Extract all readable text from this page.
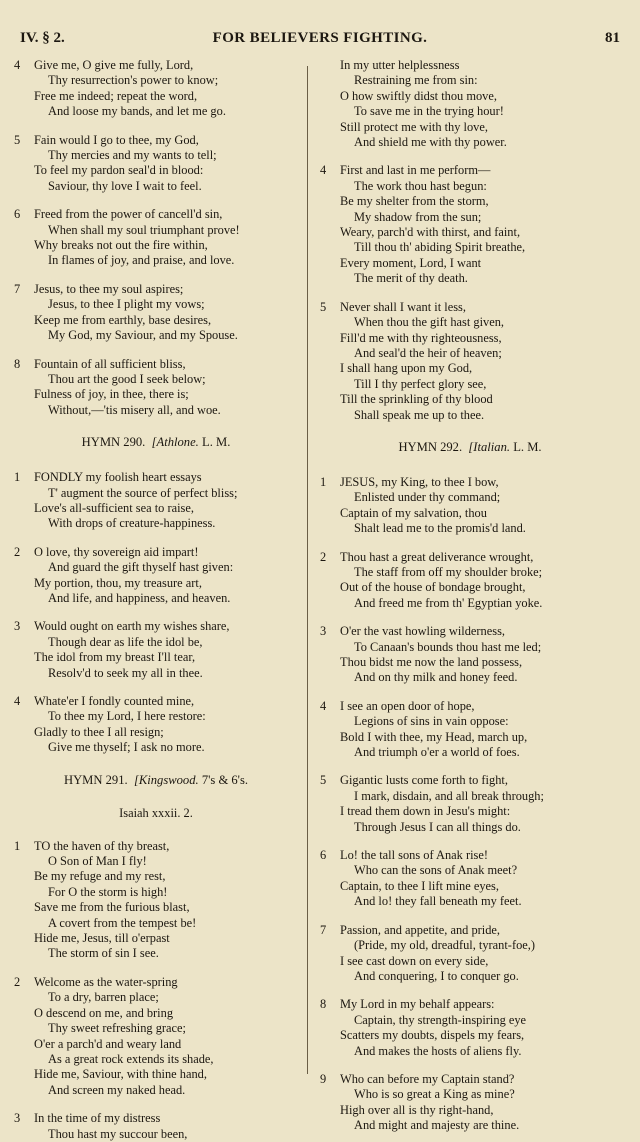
IV. § 2.	FOR BELIEVERS FIGHTING.	81
4	Give me, O give me fully, Lord,
Thy resurrection's power to know;
Free me indeed; repeat the word,
And loose my bands, and let me go.
5	Fain would I go to thee, my God,
Thy mercies and my wants to tell;
To feel my pardon seal'd in blood:
Saviour, thy love I wait to feel.
6	Freed from the power of cancell'd sin,
When shall my soul triumphant prove!
Why breaks not out the fire within,
In flames of joy, and praise, and love.
7	Jesus, to thee my soul aspires;
Jesus, to thee I plight my vows;
Keep me from earthly, base desires,
My God, my Saviour, and my Spouse.
8	Fountain of all sufficient bliss,
Thou art the good I seek below;
Fulness of joy, in thee, there is;
Without,—'tis misery all, and woe.
HYMN 290. [Athlone. L. M.
1	FONDLY my foolish heart essays
T' augment the source of perfect bliss;
Love's all-sufficient sea to raise,
With drops of creature-happiness.
2	O love, thy sovereign aid impart!
And guard the gift thyself hast given:
My portion, thou, my treasure art,
And life, and happiness, and heaven.
3	Would ought on earth my wishes share,
Though dear as life the idol be,
The idol from my breast I'll tear,
Resolv'd to seek my all in thee.
4	Whate'er I fondly counted mine,
To thee my Lord, I here restore:
Gladly to thee I all resign;
Give me thyself; I ask no more.
HYMN 291. [Kingswood. 7's & 6's.
Isaiah xxxii. 2.
1	TO the haven of thy breast,
O Son of Man I fly!
Be my refuge and my rest,
For O the storm is high!
Save me from the furious blast,
A covert from the tempest be!
Hide me, Jesus, till o'erpast
The storm of sin I see.
2	Welcome as the water-spring
To a dry, barren place;
O descend on me, and bring
Thy sweet refreshing grace;
O'er a parch'd and weary land
As a great rock extends its shade,
Hide me, Saviour, with thine hand,
And screen my naked head.
3	In the time of my distress
Thou hast my succour been,
In my utter helplessness
Restraining me from sin:
O how swiftly didst thou move,
To save me in the trying hour!
Still protect me with thy love,
And shield me with thy power.
4	First and last in me perform—
The work thou hast begun:
Be my shelter from the storm,
My shadow from the sun;
Weary, parch'd with thirst, and faint,
Till thou th' abiding Spirit breathe,
Every moment, Lord, I want
The merit of thy death.
5	Never shall I want it less,
When thou the gift hast given,
Fill'd me with thy righteousness,
And seal'd the heir of heaven;
I shall hang upon my God,
Till I thy perfect glory see,
Till the sprinkling of thy blood
Shall speak me up to thee.
HYMN 292. [Italian. L. M.
1	JESUS, my King, to thee I bow,
Enlisted under thy command;
Captain of my salvation, thou
Shalt lead me to the promis'd land.
2	Thou hast a great deliverance wrought,
The staff from off my shoulder broke;
Out of the house of bondage brought,
And freed me from th' Egyptian yoke.
3	O'er the vast howling wilderness,
To Canaan's bounds thou hast me led;
Thou bidst me now the land possess,
And on thy milk and honey feed.
4	I see an open door of hope,
Legions of sins in vain oppose:
Bold I with thee, my Head, march up,
And triumph o'er a world of foes.
5	Gigantic lusts come forth to fight,
I mark, disdain, and all break through;
I tread them down in Jesu's might:
Through Jesus I can all things do.
6	Lo! the tall sons of Anak rise!
Who can the sons of Anak meet?
Captain, to thee I lift mine eyes,
And lo! they fall beneath my feet.
7	Passion, and appetite, and pride,
(Pride, my old, dreadful, tyrant-foe,)
I see cast down on every side,
And conquering, I to conquer go.
8	My Lord in my behalf appears:
Captain, thy strength-inspiring eye
Scatters my doubts, dispels my fears,
And makes the hosts of aliens fly.
9	Who can before my Captain stand?
Who is so great a King as mine?
High over all is thy right-hand,
And might and majesty are thine.
